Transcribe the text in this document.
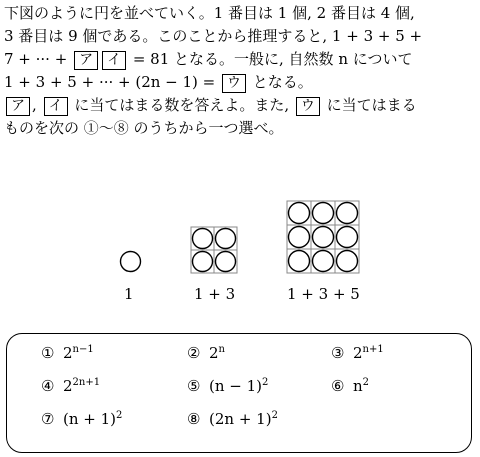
下図のように円を並べていく。1 番目は 1 個, 2 番目は 4 個,
3 番目は 9 個である。このことから推理すると, 1 + 3 + 5 +
7 + ··· + ア イ = 81 となる。一般に, 自然数 n について
1 + 3 + 5 + ··· + (2n − 1) = ウ となる。
ア , イ に当てはまる数を答えよ。また, ウ に当てはまる
ものを次の ①〜⑧ のうちから一つ選べ。
1	1 + 3	1 + 3 + 5
① $2^{n-1}$	② 2$^n$	③ $2^{n+1}$
④ $2^{2n+1}$	⑤ $(n - 1)^2$	⑥ $n^2$
⑦ $(n + 1)^2$	⑧ $(2n + 1)^2$
